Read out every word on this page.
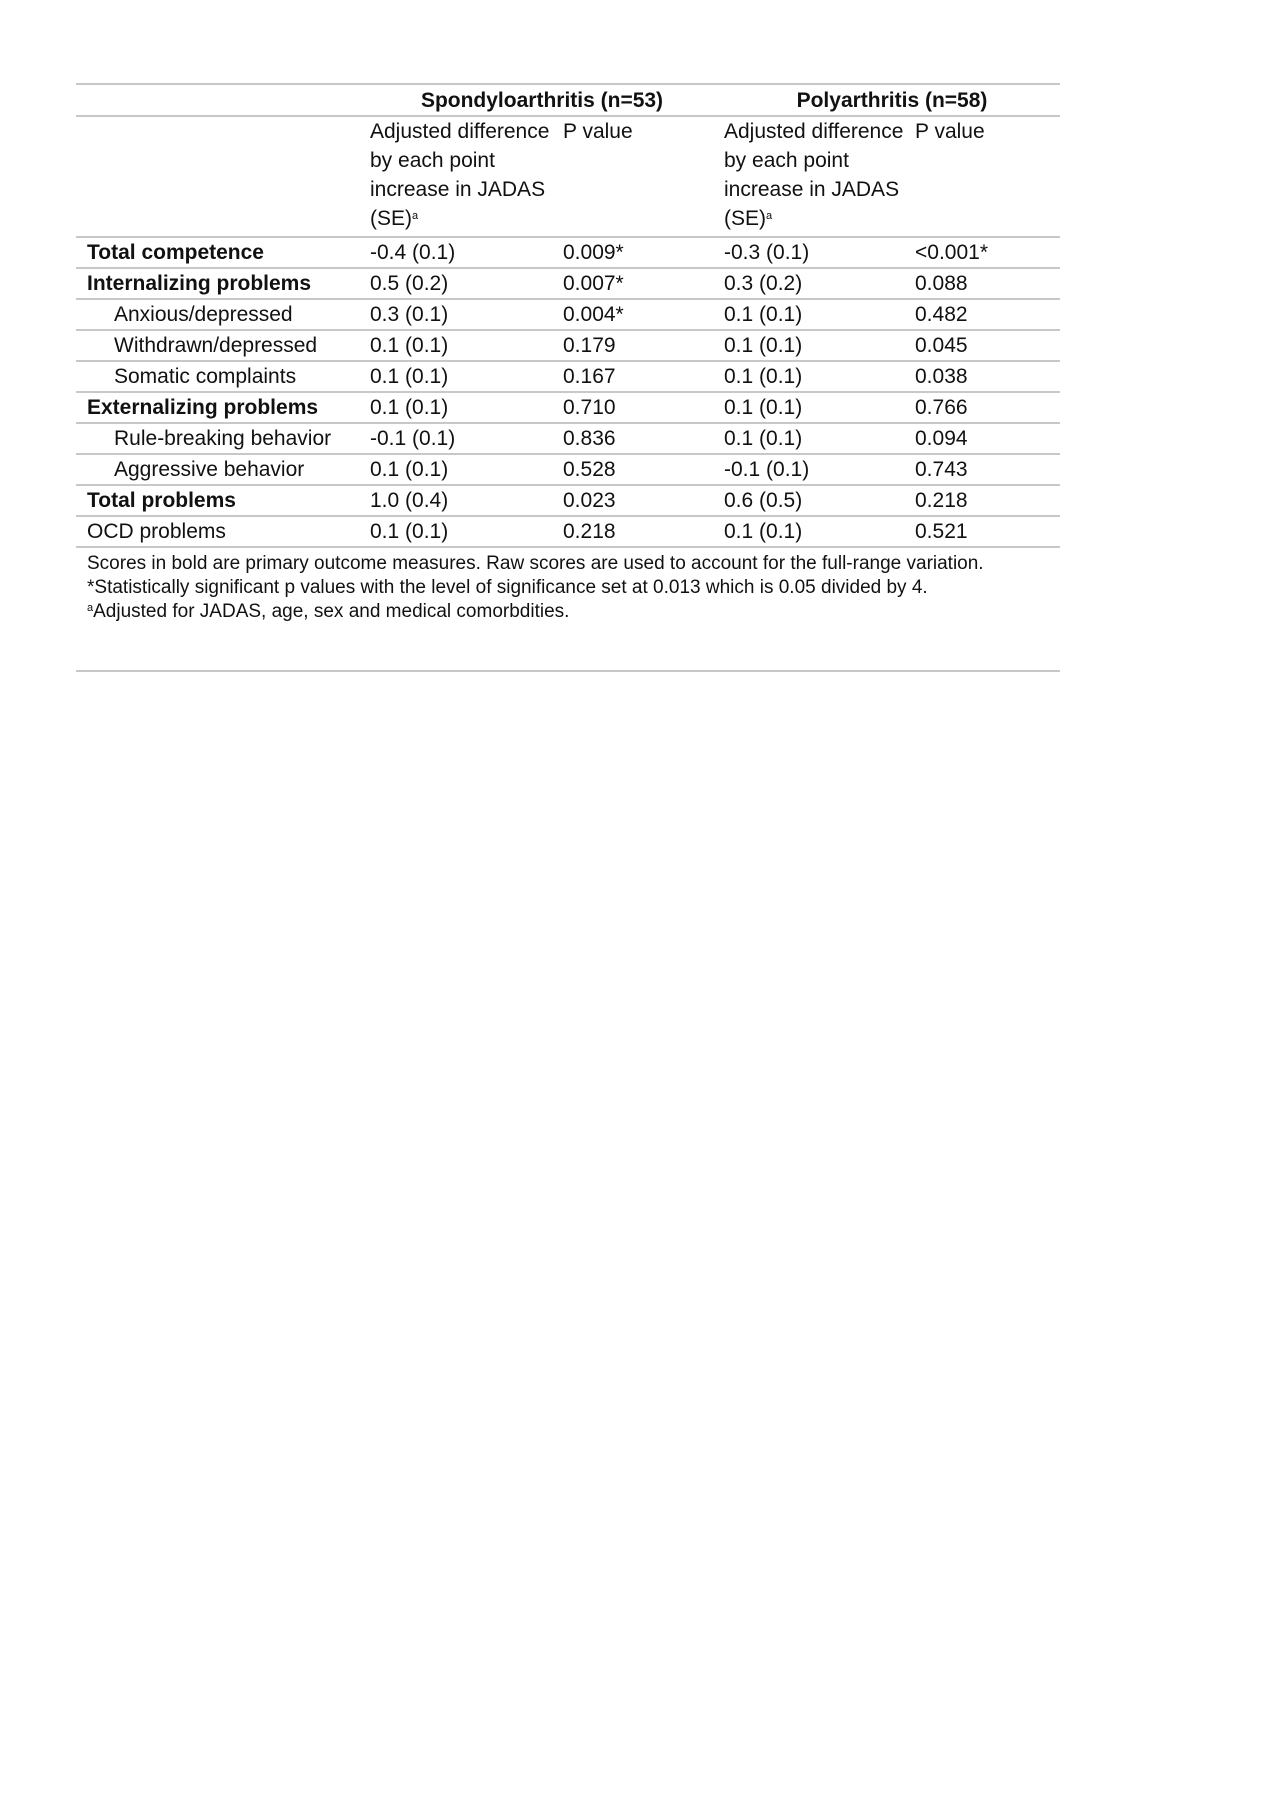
	Spondyloarthritis (n=53)		Polyarthritis (n=58)	
	Adjusted difference by each point increase in JADAS (SE)$^a$	P value	Adjusted difference by each point increase in JADAS (SE)$^a$	P value
Total competence	-0.4 (0.1)	0.009*	-0.3 (0.1)	<0.001*
Internalizing problems	0.5 (0.2)	0.007*	0.3 (0.2)	0.088
Anxious/depressed	0.3 (0.1)	0.004*	0.1 (0.1)	0.482
Withdrawn/depressed	0.1 (0.1)	0.179	0.1 (0.1)	0.045
Somatic complaints	0.1 (0.1)	0.167	0.1 (0.1)	0.038
Externalizing problems	0.1 (0.1)	0.710	0.1 (0.1)	0.766
Rule-breaking behavior	-0.1 (0.1)	0.836	0.1 (0.1)	0.094
Aggressive behavior	0.1 (0.1)	0.528	-0.1 (0.1)	0.743
Total problems	1.0 (0.4)	0.023	0.6 (0.5)	0.218
OCD problems	0.1 (0.1)	0.218	0.1 (0.1)	0.521
Scores in bold are primary outcome measures. Raw scores are used to account for the full-range variation.
*Statistically significant p values with the level of significance set at 0.013 which is 0.05 divided by 4.
$^a$Adjusted for JADAS, age, sex and medical comorbdities.
